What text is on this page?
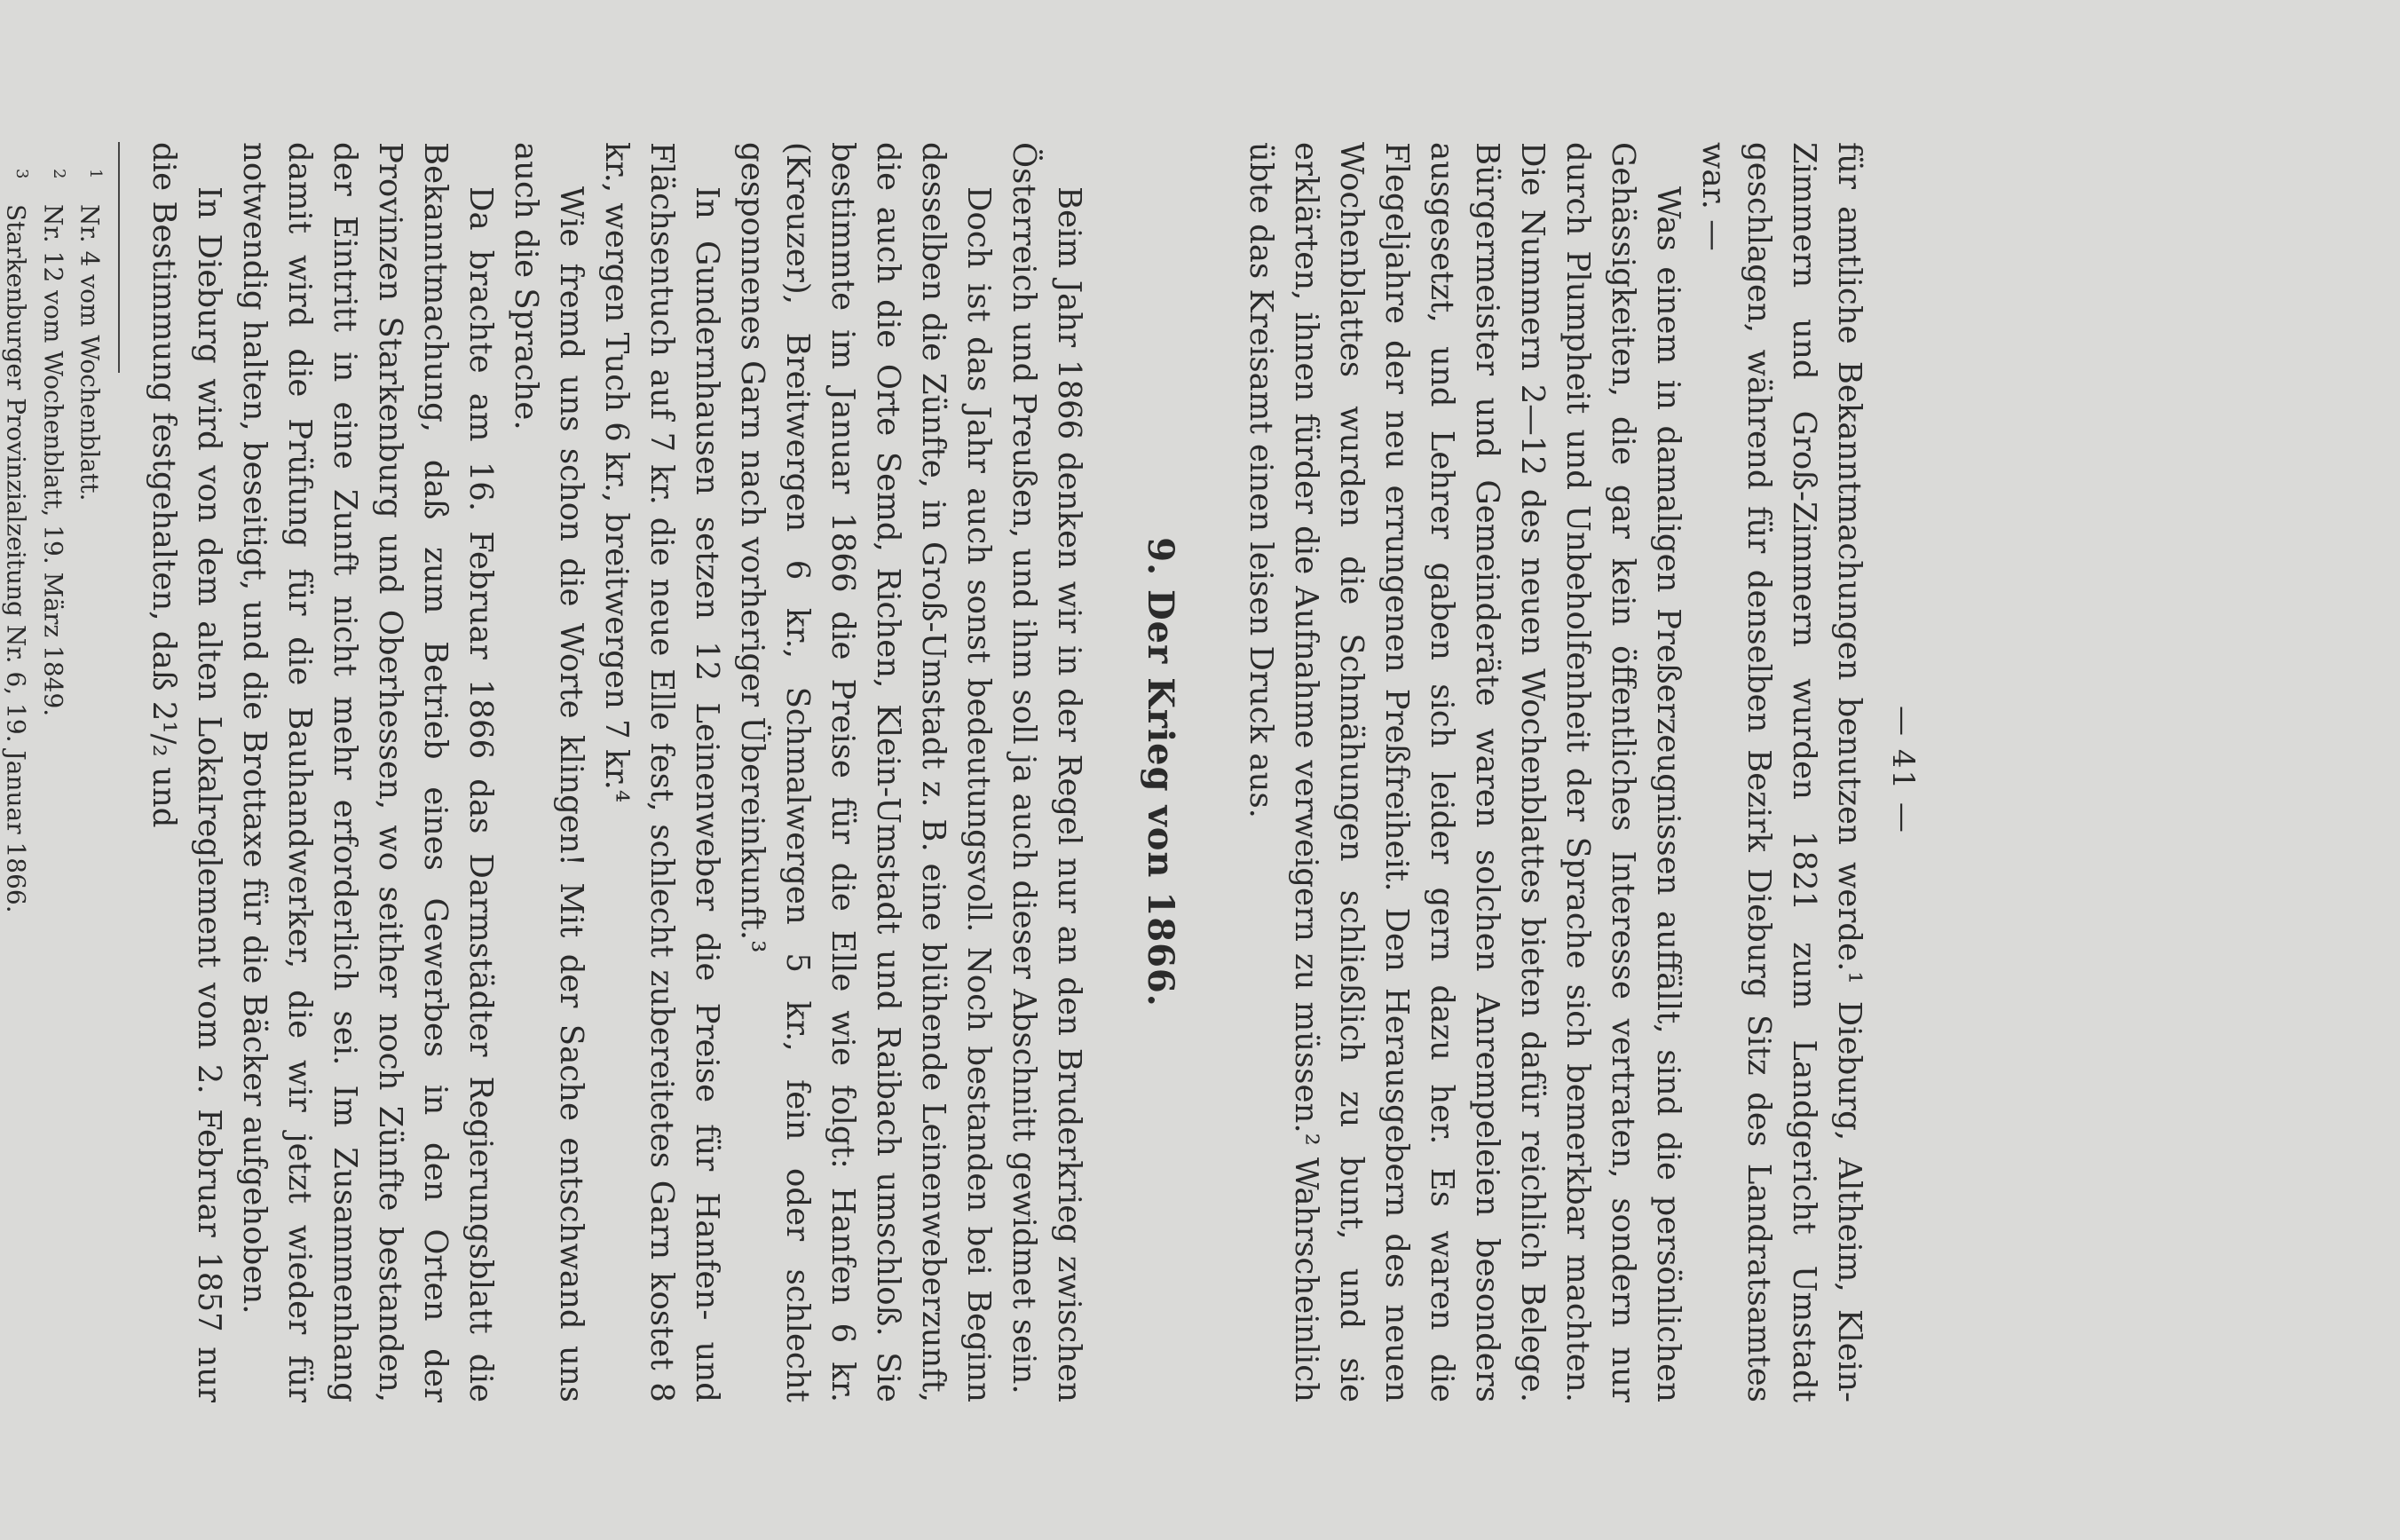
— 41 —

für amtliche Bekanntmachungen benutzen werde.¹ Dieburg, Altheim, Klein-Zimmern und Groß-Zimmern wurden 1821 zum Landgericht Umstadt geschlagen, während für denselben Bezirk Dieburg Sitz des Landratsamtes war. —

Was einem in damaligen Preßerzeugnissen auffällt, sind die persönlichen Gehässigkeiten, die gar kein öffentliches Interesse vertraten, sondern nur durch Plumpheit und Unbeholfenheit der Sprache sich bemerkbar machten. Die Nummern 2—12 des neuen Wochenblattes bieten dafür reichlich Belege. Bürgermeister und Gemeinderäte waren solchen Anrempeleien besonders ausgesetzt, und Lehrer gaben sich leider gern dazu her. Es waren die Flegeljahre der neu errungenen Preßfreiheit. Den Herausgebern des neuen Wochenblattes wurden die Schmähungen schließlich zu bunt, und sie erklärten, ihnen fürder die Aufnahme verweigern zu müssen.² Wahrscheinlich übte das Kreisamt einen leisen Druck aus.

9. Der Krieg von 1866.

Beim Jahr 1866 denken wir in der Regel nur an den Bruderkrieg zwischen Österreich und Preußen, und ihm soll ja auch dieser Abschnitt gewidmet sein.

Doch ist das Jahr auch sonst bedeutungsvoll. Noch bestanden bei Beginn desselben die Zünfte, in Groß-Umstadt z. B. eine blühende Leinenweberzunft, die auch die Orte Semd, Richen, Klein-Umstadt und Raibach umschloß. Sie bestimmte im Januar 1866 die Preise für die Elle wie folgt: Hanfen 6 kr. (Kreuzer), Breitwergen 6 kr., Schmalwergen 5 kr., fein oder schlecht gesponnenes Garn nach vorheriger Übereinkunft.³

In Gundernhausen setzen 12 Leinenweber die Preise für Hanfen- und Flächsentuch auf 7 kr. die neue Elle fest, schlecht zubereitetes Garn kostet 8 kr., wergen Tuch 6 kr., breitwergen 7 kr.⁴

Wie fremd uns schon die Worte klingen! Mit der Sache entschwand uns auch die Sprache.

Da brachte am 16. Februar 1866 das Darmstädter Regierungsblatt die Bekanntmachung, daß zum Betrieb eines Gewerbes in den Orten der Provinzen Starkenburg und Oberhessen, wo seither noch Zünfte bestanden, der Eintritt in eine Zunft nicht mehr erforderlich sei. Im Zusammenhang damit wird die Prüfung für die Bauhandwerker, die wir jetzt wieder für notwendig halten, beseitigt, und die Brottaxe für die Bäcker aufgehoben.

In Dieburg wird von dem alten Lokalreglement vom 2. Februar 1857 nur die Bestimmung festgehalten, daß 2¹/₂ und

1Nr. 4 vom Wochenblatt.
2Nr. 12 vom Wochenblatt, 19. März 1849.
3Starkenburger Provinzialzeitung Nr. 6, 19. Januar 1866.
